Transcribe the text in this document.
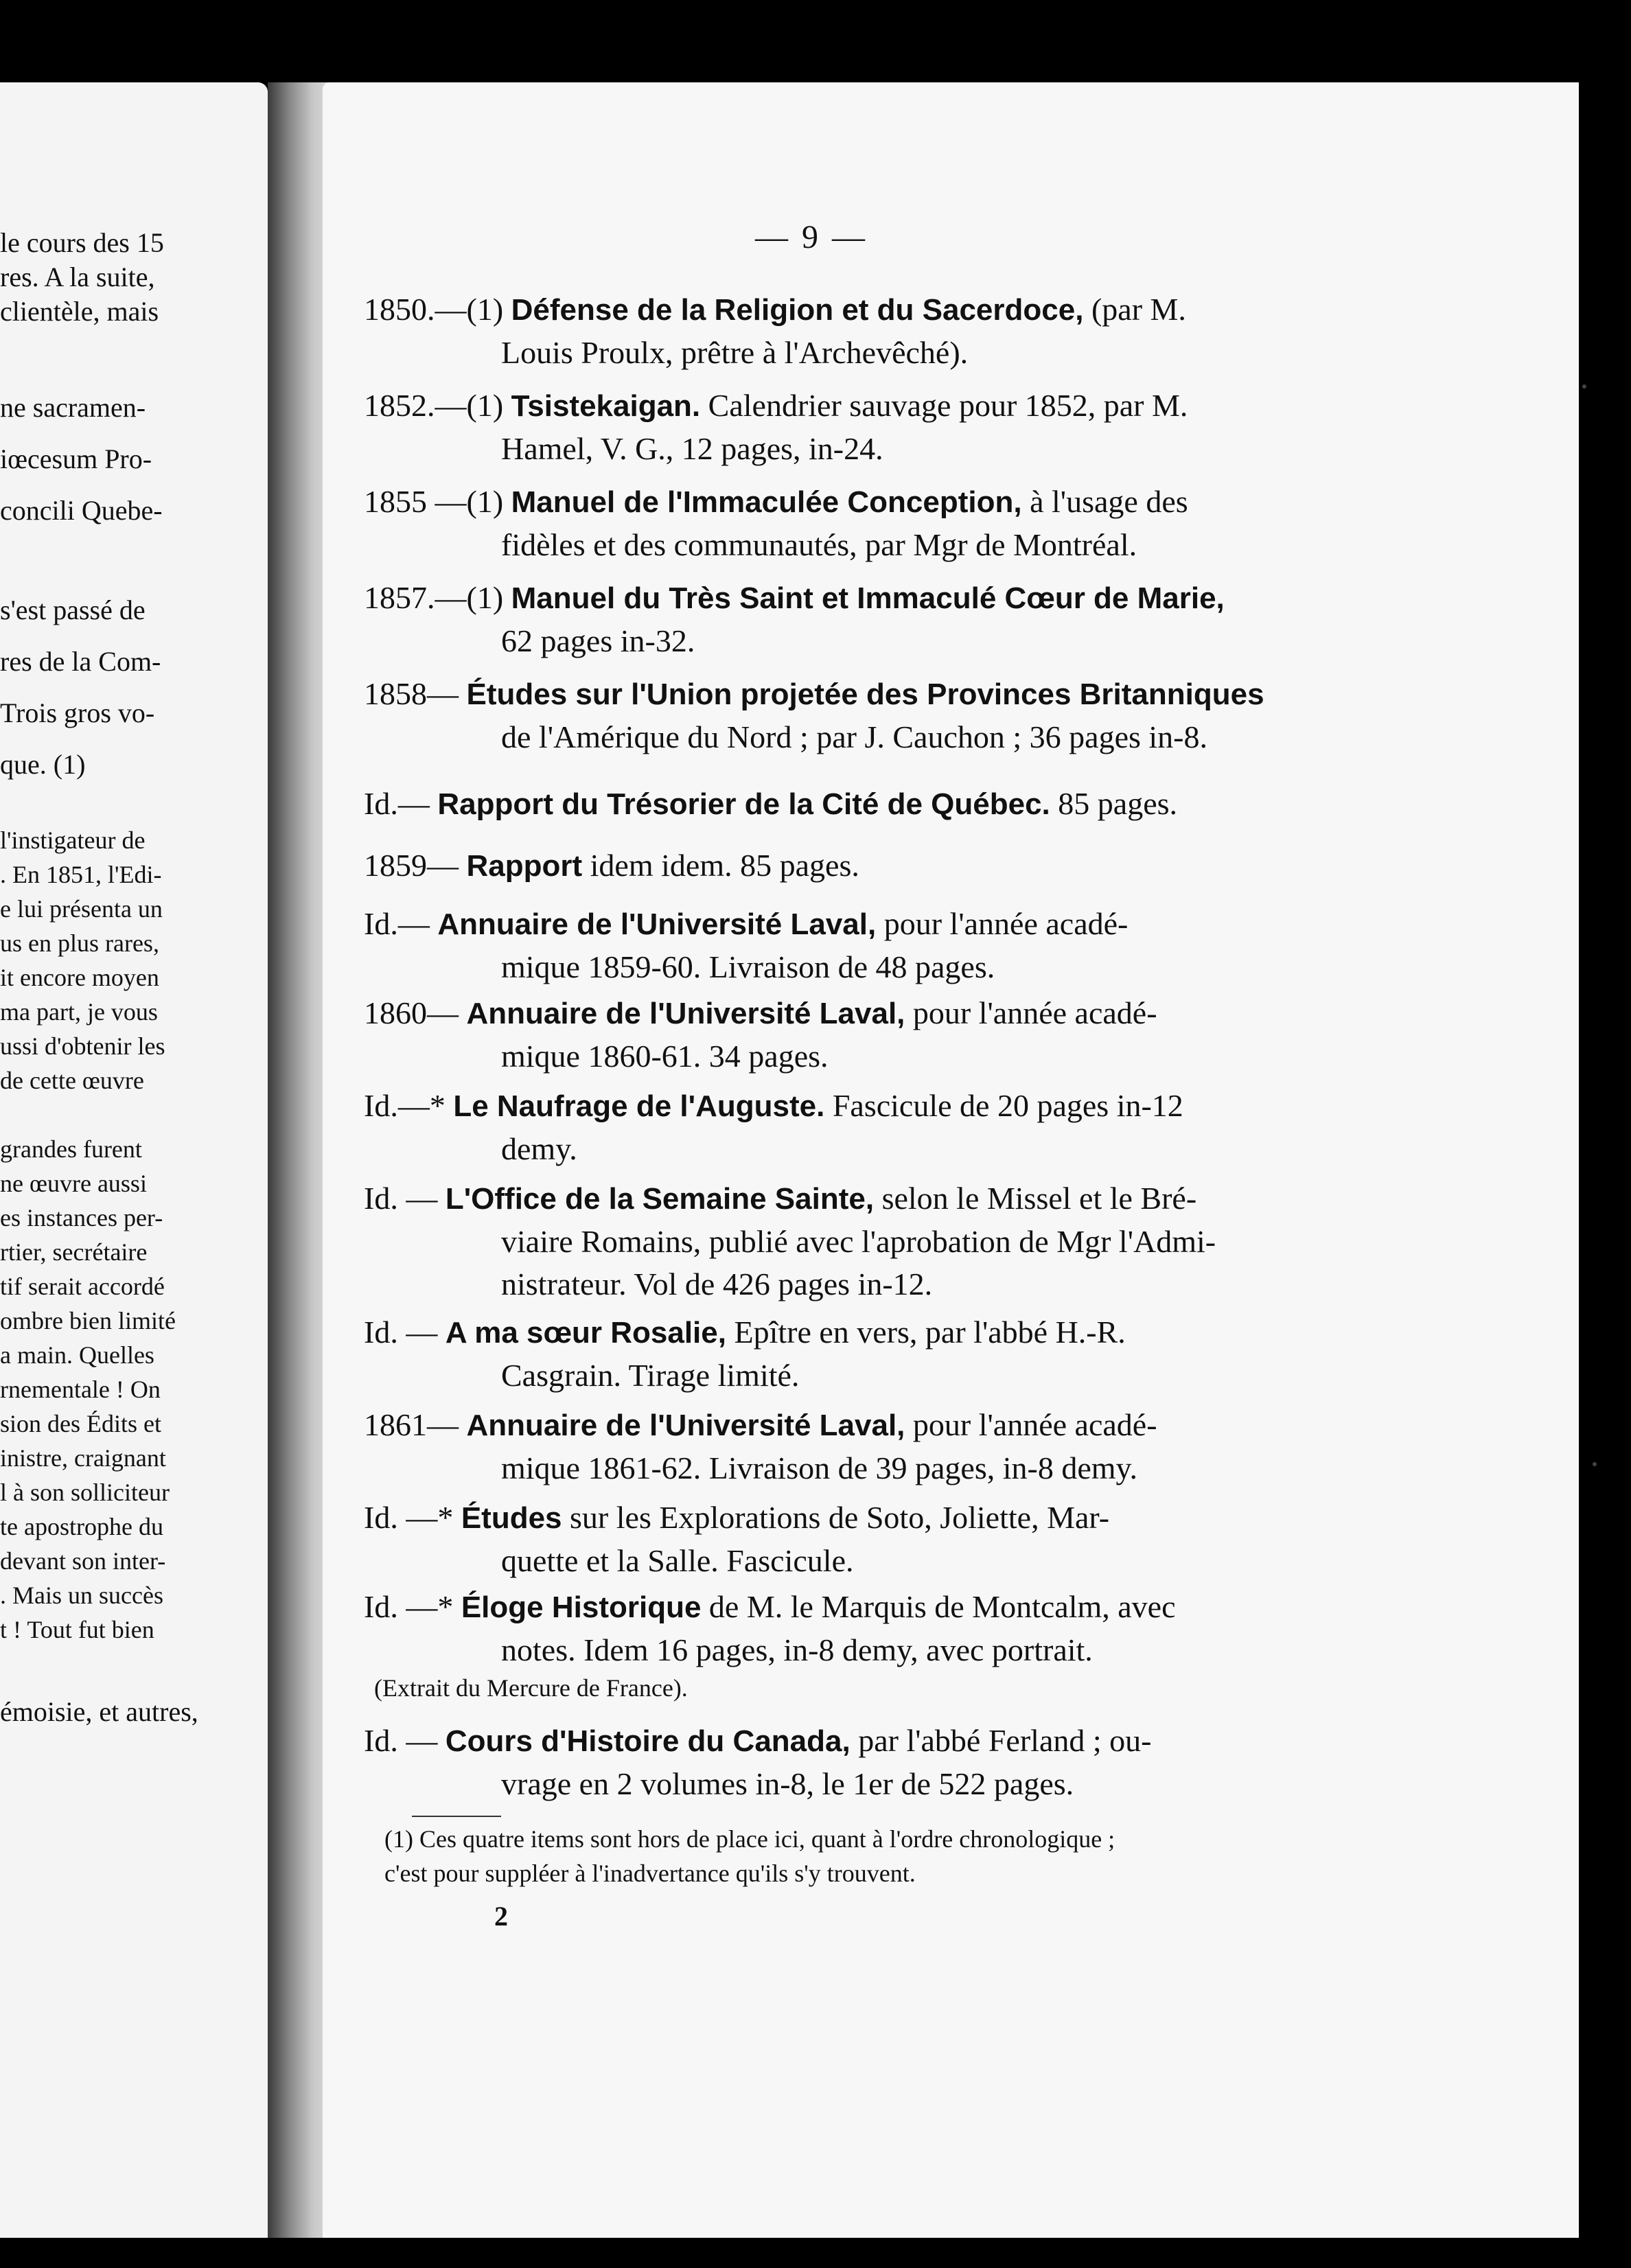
le cours des 15
res. A la suite,
clientèle, mais
ne sacramen-
iœcesum Pro-
concili Quebe-
s'est passé de
res de la Com-
Trois gros vo-
que. (1)
l'instigateur de
. En 1851, l'Edi-
e lui présenta un
us en plus rares,
it encore moyen
ma part, je vous
ussi d'obtenir les
de cette œuvre
grandes furent
ne œuvre aussi
es instances per-
rtier, secrétaire
tif serait accordé
ombre bien limité
a main. Quelles
rnementale ! On
sion des Édits et
inistre, craignant
l à son solliciteur
te apostrophe du
devant son inter-
. Mais un succès
t ! Tout fut bien
émoisie, et autres,
— 9 —
1850.—(1) Défense de la Religion et du Sacerdoce, (par M.
Louis Proulx, prêtre à l'Archevêché).
1852.—(1) Tsistekaigan. Calendrier sauvage pour 1852, par M.
Hamel, V. G., 12 pages, in-24.
1855 —(1) Manuel de l'Immaculée Conception, à l'usage des
fidèles et des communautés, par Mgr de Montréal.
1857.—(1) Manuel du Très Saint et Immaculé Cœur de Marie,
62 pages in-32.
1858— Études sur l'Union projetée des Provinces Britanniques
de l'Amérique du Nord ; par J. Cauchon ; 36 pages in-8.
Id.— Rapport du Trésorier de la Cité de Québec. 85 pages.
1859— Rapport idem idem. 85 pages.
Id.— Annuaire de l'Université Laval, pour l'année acadé-
mique 1859-60. Livraison de 48 pages.
1860— Annuaire de l'Université Laval, pour l'année acadé-
mique 1860-61. 34 pages.
Id.—* Le Naufrage de l'Auguste. Fascicule de 20 pages in-12
demy.
Id. — L'Office de la Semaine Sainte, selon le Missel et le Bré-
viaire Romains, publié avec l'aprobation de Mgr l'Admi-
nistrateur. Vol de 426 pages in-12.
Id. — A ma sœur Rosalie, Epître en vers, par l'abbé H.-R.
Casgrain. Tirage limité.
1861— Annuaire de l'Université Laval, pour l'année acadé-
mique 1861-62. Livraison de 39 pages, in-8 demy.
Id. —* Études sur les Explorations de Soto, Joliette, Mar-
quette et la Salle. Fascicule.
Id. —* Éloge Historique de M. le Marquis de Montcalm, avec
notes. Idem 16 pages, in-8 demy, avec portrait.
Id. — Cours d'Histoire du Canada, par l'abbé Ferland ; ou-
vrage en 2 volumes in-8, le 1er de 522 pages.
(Extrait du Mercure de France).
(1) Ces quatre items sont hors de place ici, quant à l'ordre chronologique ;
c'est pour suppléer à l'inadvertance qu'ils s'y trouvent.
2
